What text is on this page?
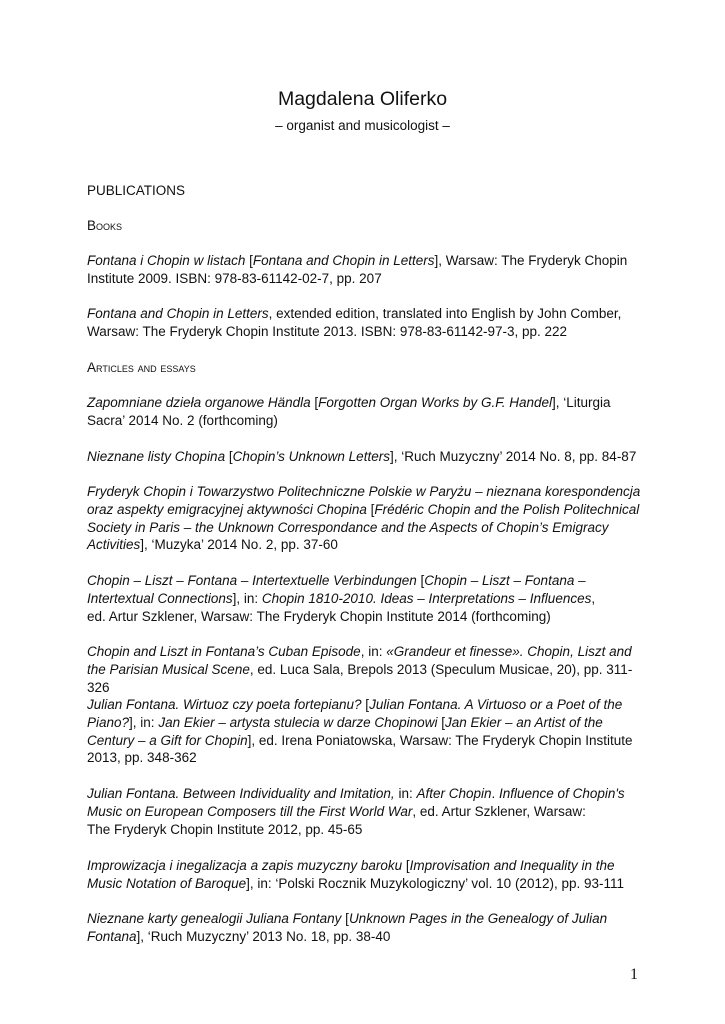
Magdalena Oliferko
– organist and musicologist –
PUBLICATIONS
Books
Fontana i Chopin w listach [Fontana and Chopin in Letters], Warsaw: The Fryderyk Chopin Institute 2009. ISBN: 978-83-61142-02-7, pp. 207
Fontana and Chopin in Letters, extended edition, translated into English by John Comber, Warsaw: The Fryderyk Chopin Institute 2013. ISBN: 978-83-61142-97-3, pp. 222
Articles and essays
Zapomniane dzieła organowe Händla [Forgotten Organ Works by G.F. Handel], ‘Liturgia Sacra’ 2014 No. 2 (forthcoming)
Nieznane listy Chopina [Chopin’s Unknown Letters], ‘Ruch Muzyczny’ 2014 No. 8, pp. 84-87
Fryderyk Chopin i Towarzystwo Politechniczne Polskie w Paryżu – nieznana korespondencja oraz aspekty emigracyjnej aktywności Chopina [Frédéric Chopin and the Polish Politechnical Society in Paris – the Unknown Correspondance and the Aspects of Chopin’s Emigracy Activities], ‘Muzyka’ 2014 No. 2, pp. 37-60
Chopin – Liszt – Fontana – Intertextuelle Verbindungen [Chopin – Liszt – Fontana – Intertextual Connections], in: Chopin 1810-2010. Ideas – Interpretations – Influences,
ed. Artur Szklener, Warsaw: The Fryderyk Chopin Institute 2014 (forthcoming)
Chopin and Liszt in Fontana’s Cuban Episode, in: «Grandeur et finesse». Chopin, Liszt and the Parisian Musical Scene, ed. Luca Sala, Brepols 2013 (Speculum Musicae, 20), pp. 311-326
Julian Fontana. Wirtuoz czy poeta fortepianu? [Julian Fontana. A Virtuoso or a Poet of the Piano?], in: Jan Ekier – artysta stulecia w darze Chopinowi [Jan Ekier – an Artist of the Century – a Gift for Chopin], ed. Irena Poniatowska, Warsaw: The Fryderyk Chopin Institute 2013, pp. 348-362
Julian Fontana. Between Individuality and Imitation, in: After Chopin. Influence of Chopin's Music on European Composers till the First World War, ed. Artur Szklener, Warsaw:
The Fryderyk Chopin Institute 2012, pp. 45-65
Improwizacja i inegalizacja a zapis muzyczny baroku [Improvisation and Inequality in the Music Notation of Baroque], in: ‘Polski Rocznik Muzykologiczny’ vol. 10 (2012), pp. 93-111
Nieznane karty genealogii Juliana Fontany [Unknown Pages in the Genealogy of Julian Fontana], ‘Ruch Muzyczny’ 2013 No. 18, pp. 38-40
1
